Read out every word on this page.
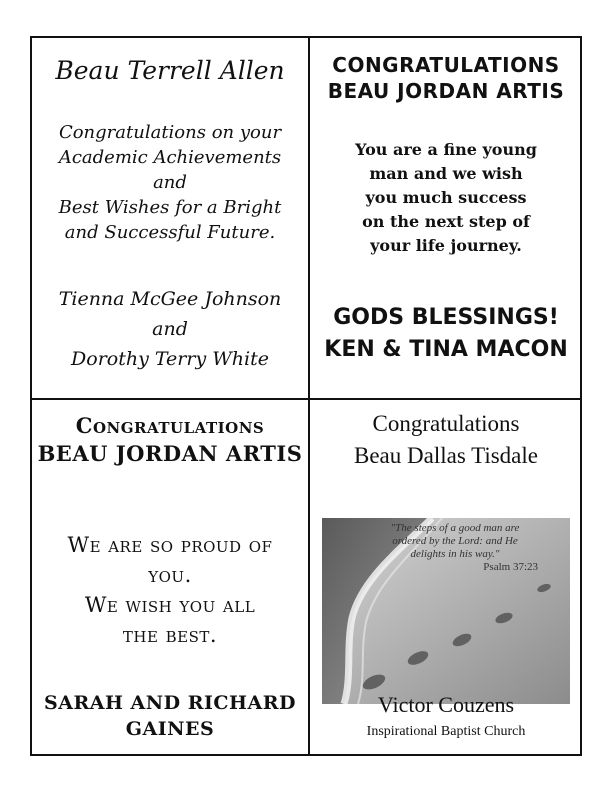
Beau Terrell Allen
Congratulations on your
Academic Achievements and
Best Wishes for a Bright
and Successful Future.
Tienna McGee Johnson
and
Dorothy Terry White
CONGRATULATIONS
BEAU JORDAN ARTIS
You are a fine young
man and we wish
you much success
on the next step of
your life journey.
GODS BLESSINGS!
KEN & TINA MACON
Congratulations
BEAU JORDAN ARTIS
We are so proud of
you.
We wish you all
the best.
SARAH AND RICHARD
GAINES
Congratulations
Beau Dallas Tisdale
"The steps of a good man are
ordered by the Lord: and He
delights in his way."
Psalm 37:23
Victor Couzens
Inspirational Baptist Church
